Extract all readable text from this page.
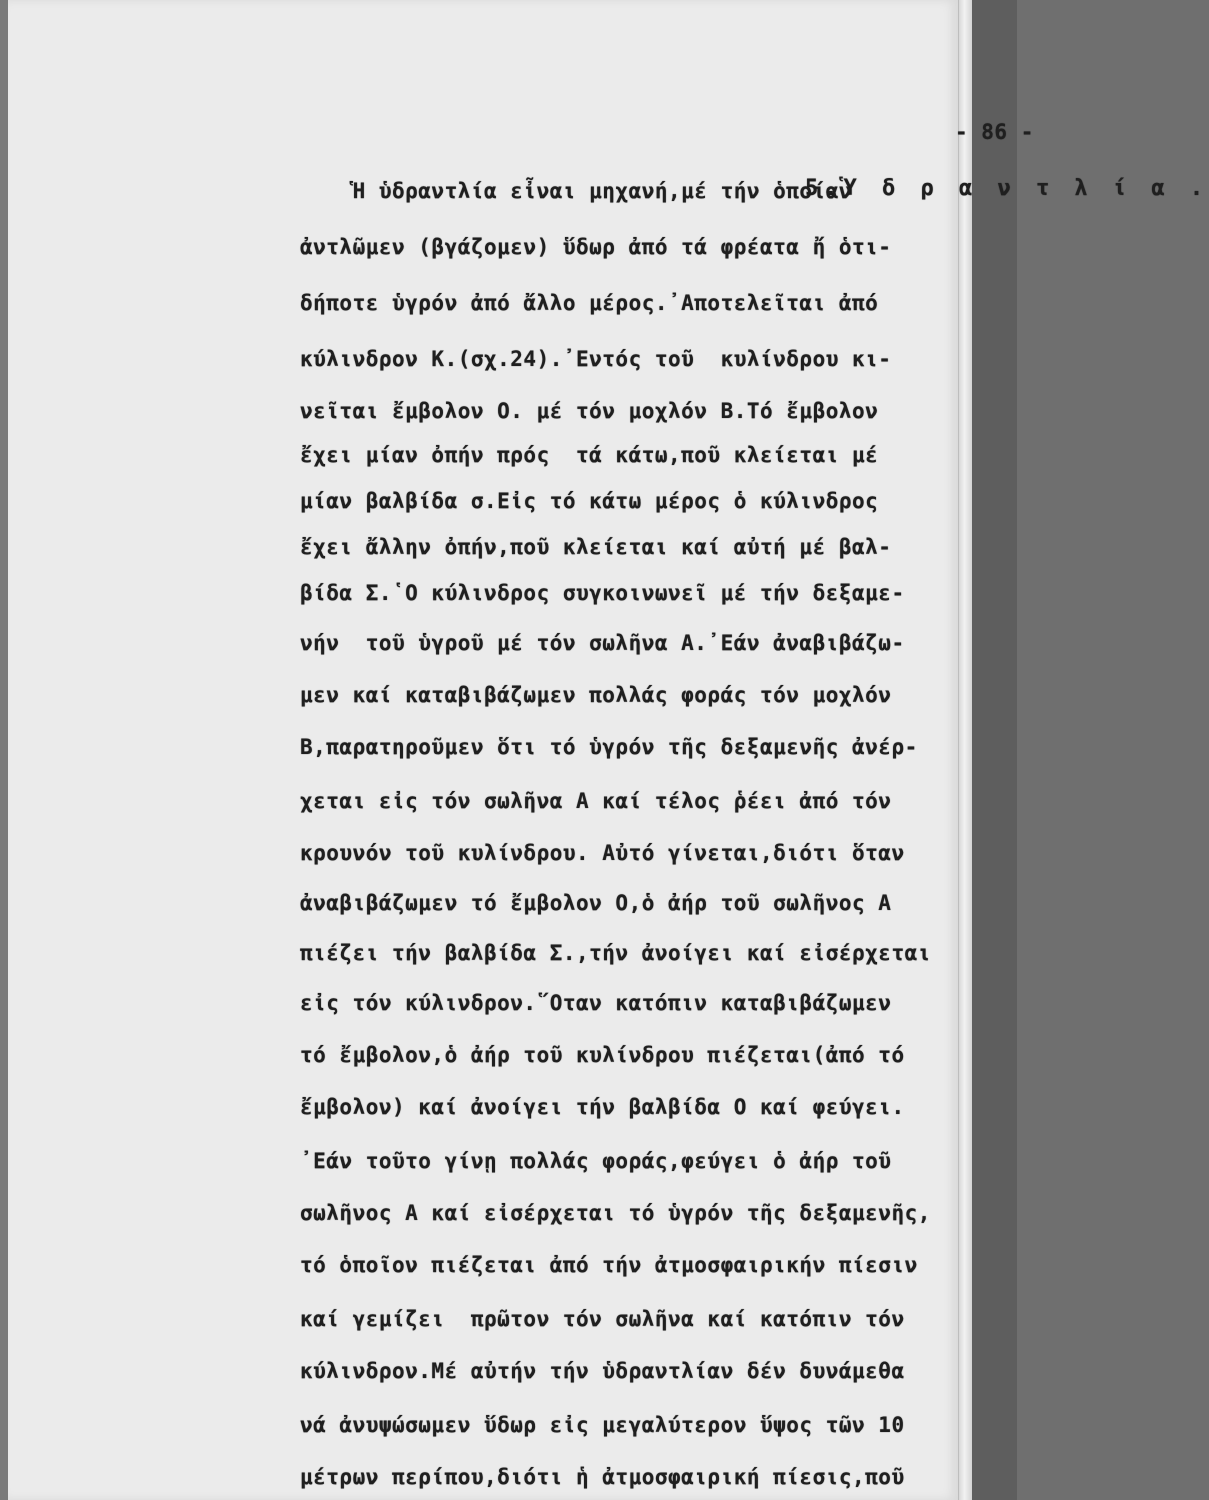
- 86 -
5.Ὑ δ ρ α ν τ λ ί α .
Ἡ ὑδραντλία εἶναι μηχανή,μέ τήν ὁποίαν
ἀντλῶμεν (βγάζομεν) ὕδωρ ἀπό τά φρέατα ἤ ὁτι-
δήποτε ὑγρόν ἀπό ἄλλο μέρος.᾿Αποτελεῖται ἀπό
κύλινδρον Κ.(σχ.24).᾿Εντός τοῦ  κυλίνδρου κι-
νεῖται ἔμβολον Ο. μέ τόν μοχλόν Β.Τό ἔμβολον
ἔχει μίαν ὀπήν πρός  τά κάτω,ποῦ κλείεται μέ
μίαν βαλβίδα σ.Εἰς τό κάτω μέρος ὁ κύλινδρος
ἔχει ἄλλην ὀπήν,ποῦ κλείεται καί αὐτή μέ βαλ-
βίδα Σ.῾Ο κύλινδρος συγκοινωνεῖ μέ τήν δεξαμε-
νήν  τοῦ ὑγροῦ μέ τόν σωλῆνα Α.᾿Εάν ἀναβιβάζω-
μεν καί καταβιβάζωμεν πολλάς φοράς τόν μοχλόν
Β,παρατηροῦμεν ὅτι τό ὑγρόν τῆς δεξαμενῆς ἀνέρ-
χεται εἰς τόν σωλῆνα Α καί τέλος ῥέει ἀπό τόν
κρουνόν τοῦ κυλίνδρου. Αὐτό γίνεται,διότι ὅταν
ἀναβιβάζωμεν τό ἔμβολον Ο,ὁ ἀήρ τοῦ σωλῆνος Α
πιέζει τήν βαλβίδα Σ.,τήν ἀνοίγει καί εἰσέρχεται
εἰς τόν κύλινδρον.῞Οταν κατόπιν καταβιβάζωμεν
τό ἔμβολον,ὁ ἀήρ τοῦ κυλίνδρου πιέζεται(ἀπό τό
ἔμβολον) καί ἀνοίγει τήν βαλβίδα Ο καί φεύγει.
᾿Εάν τοῦτο γίνῃ πολλάς φοράς,φεύγει ὁ ἀήρ τοῦ
σωλῆνος Α καί εἰσέρχεται τό ὑγρόν τῆς δεξαμενῆς,
τό ὁποῖον πιέζεται ἀπό τήν ἀτμοσφαιρικήν πίεσιν
καί γεμίζει  πρῶτον τόν σωλῆνα καί κατόπιν τόν
κύλινδρον.Μέ αὐτήν τήν ὑδραντλίαν δέν δυνάμεθα
νά ἀνυψώσωμεν ὕδωρ εἰς μεγαλύτερον ὕψος τῶν 10
μέτρων περίπου,διότι ἡ ἀτμοσφαιρική πίεσις,ποῦ
